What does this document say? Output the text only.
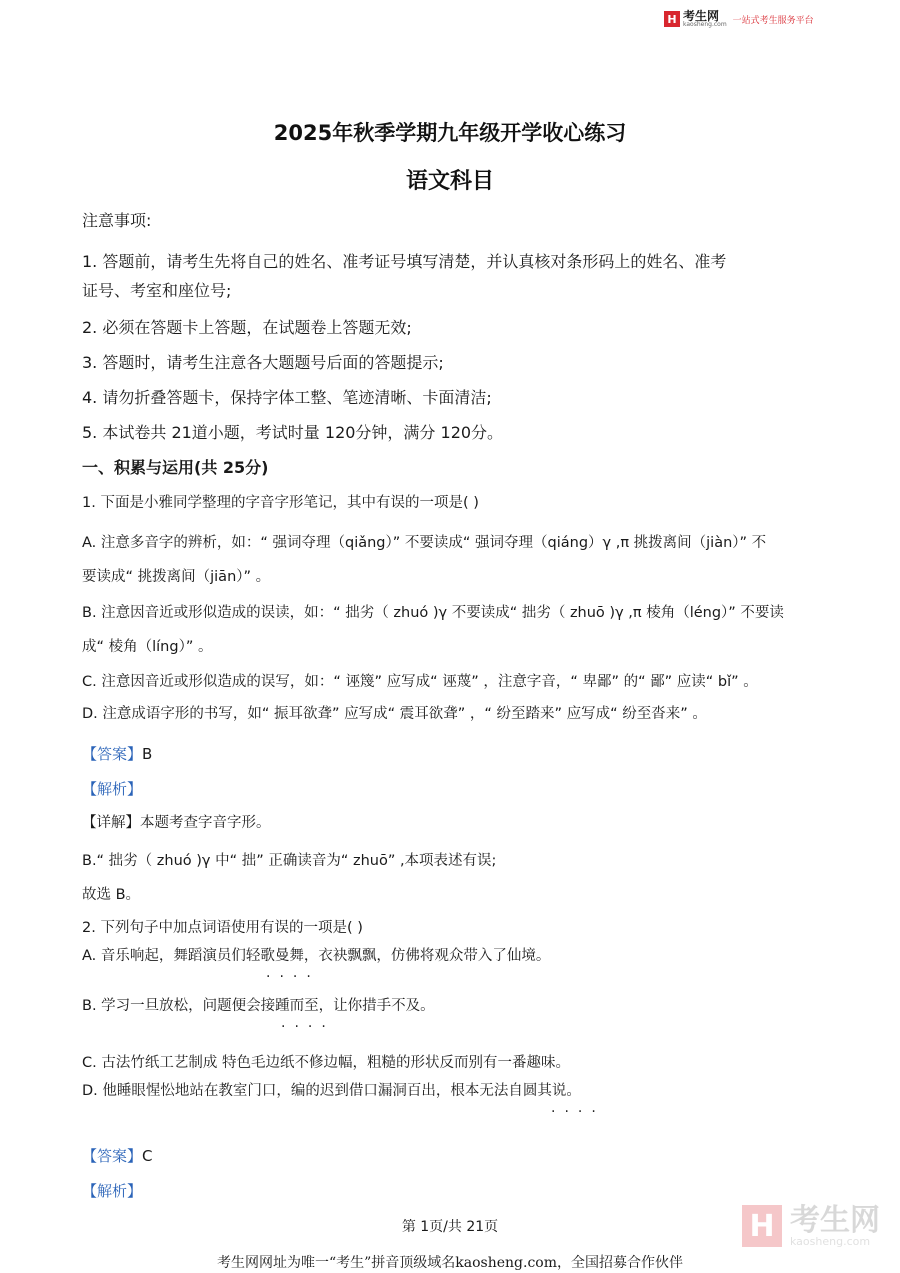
H 考生网
kaosheng.com 一站式考生服务平台
2025年秋季学期九年级开学收心练习
语文科目
注意事项:
1. 答题前，请考生先将自己的姓名、准考证号填写清楚，并认真核对条形码上的姓名、准考
证号、考室和座位号;
2. 必须在答题卡上答题，在试题卷上答题无效;
3. 答题时，请考生注意各大题题号后面的答题提示;
4. 请勿折叠答题卡，保持字体工整、笔迹清晰、卡面清洁;
5. 本试卷共 21道小题，考试时量 120分钟，满分 120分。
一、积累与运用(共 25分)
1. 下面是小雅同学整理的字音字形笔记，其中有误的一项是( )
A. 注意多音字的辨析，如：“ 强词夺理（qiǎng）” 不要读成“ 强词夺理（qiáng）γ ,π 挑拨离间（jiàn）” 不
要读成“ 挑拨离间（jiān）” 。
B. 注意因音近或形似造成的误读，如：“ 拙劣（ zhuó )γ 不要读成“ 拙劣（ zhuō )γ ,π 棱角（léng）” 不要读
成“ 棱角（líng）” 。
C. 注意因音近或形似造成的误写，如：“ 诬篾” 应写成“ 诬蔑” ，注意字音，“ 卑鄙” 的“ 鄙” 应读“ bǐ” 。
D. 注意成语字形的书写，如“ 振耳欲聋” 应写成“ 震耳欲聋” ，“ 纷至踏来” 应写成“ 纷至沓来” 。
【答案】B
【解析】
【详解】本题考查字音字形。
B.“ 拙劣（ zhuó )γ 中“ 拙” 正确读音为“ zhuō” ,本项表述有误;
故选 B。
2. 下列句子中加点词语使用有误的一项是( )
A. 音乐响起，舞蹈演员们轻歌曼舞，衣袂飘飘，仿佛将观众带入了仙境。
····
B. 学习一旦放松，问题便会接踵而至，让你措手不及。
····
C. 古法竹纸工艺制成 特色毛边纸不修边幅，粗糙的形状反而别有一番趣味。
D. 他睡眼惺忪地站在教室门口，编的迟到借口漏洞百出，根本无法自圆其说。
····
【答案】C
【解析】
H 考生网
kaosheng.com
第 1页/共 21页
考生网网址为唯一“考生”拼音顶级域名kaosheng.com，全国招募合作伙伴
